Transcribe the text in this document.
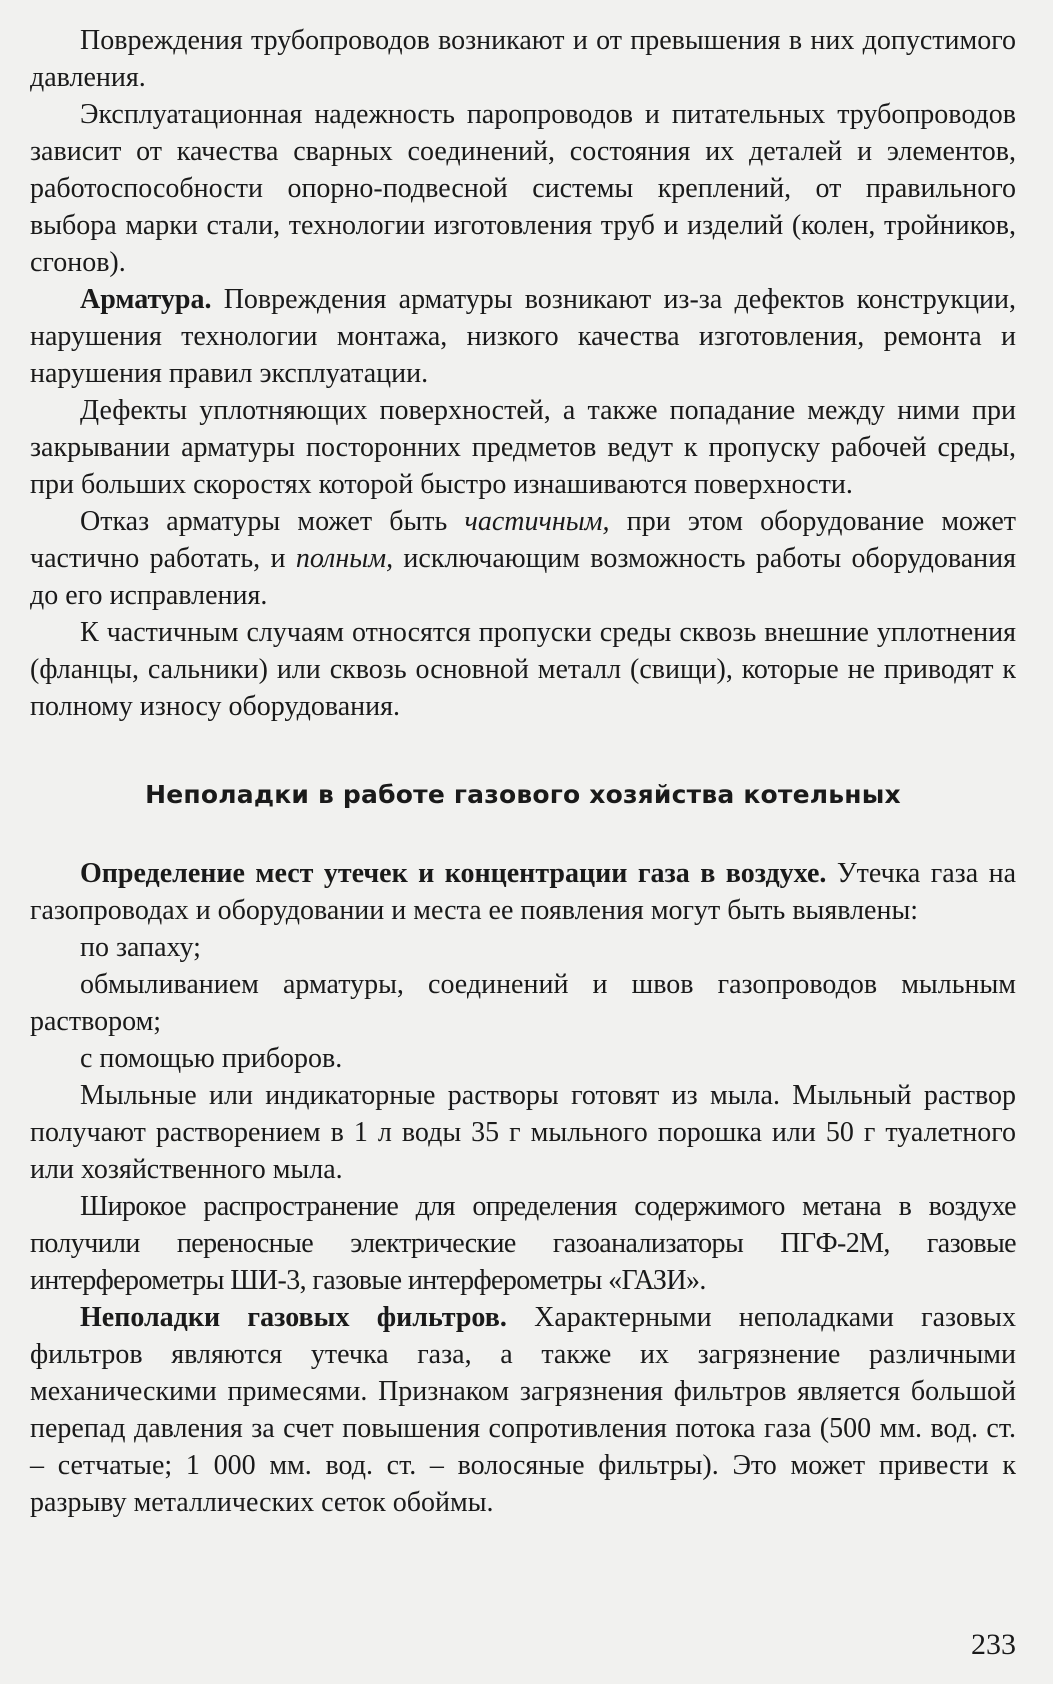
Повреждения трубопроводов возникают и от превышения в них допустимого давления.

Эксплуатационная надежность паропроводов и питательных трубопроводов зависит от качества сварных соединений, состояния их деталей и элементов, работоспособности опорно-подвесной системы креплений, от правильного выбора марки стали, технологии изготовления труб и изделий (колен, тройников, сгонов).

Арматура. Повреждения арматуры возникают из-за дефектов конструкции, нарушения технологии монтажа, низкого качества изготовления, ремонта и нарушения правил эксплуатации.

Дефекты уплотняющих поверхностей, а также попадание между ними при закрывании арматуры посторонних предметов ведут к пропуску рабочей среды, при больших скоростях которой быстро изнашиваются поверхности.

Отказ арматуры может быть частичным, при этом оборудование может частично работать, и полным, исключающим возможность работы оборудования до его исправления.

К частичным случаям относятся пропуски среды сквозь внешние уплотнения (фланцы, сальники) или сквозь основной металл (свищи), которые не приводят к полному износу оборудования.

Неполадки в работе газового хозяйства котельных

Определение мест утечек и концентрации газа в воздухе. Утечка газа на газопроводах и оборудовании и места ее появления могут быть выявлены:

по запаху;

обмыливанием арматуры, соединений и швов газопроводов мыльным раствором;

с помощью приборов.

Мыльные или индикаторные растворы готовят из мыла. Мыльный раствор получают растворением в 1 л воды 35 г мыльного порошка или 50 г туалетного или хозяйственного мыла.

Широкое распространение для определения содержимого метана в воздухе получили переносные электрические газоанализаторы ПГФ-2М, газовые интерферометры ШИ-3, газовые интерферометры «ГАЗИ».

Неполадки газовых фильтров. Характерными неполадками газовых фильтров являются утечка газа, а также их загрязнение различными механическими примесями. Признаком загрязнения фильтров является большой перепад давления за счет повышения сопротивления потока газа (500 мм. вод. ст. – сетчатые; 1 000 мм. вод. ст. – волосяные фильтры). Это может привести к разрыву металлических сеток обоймы.

233
